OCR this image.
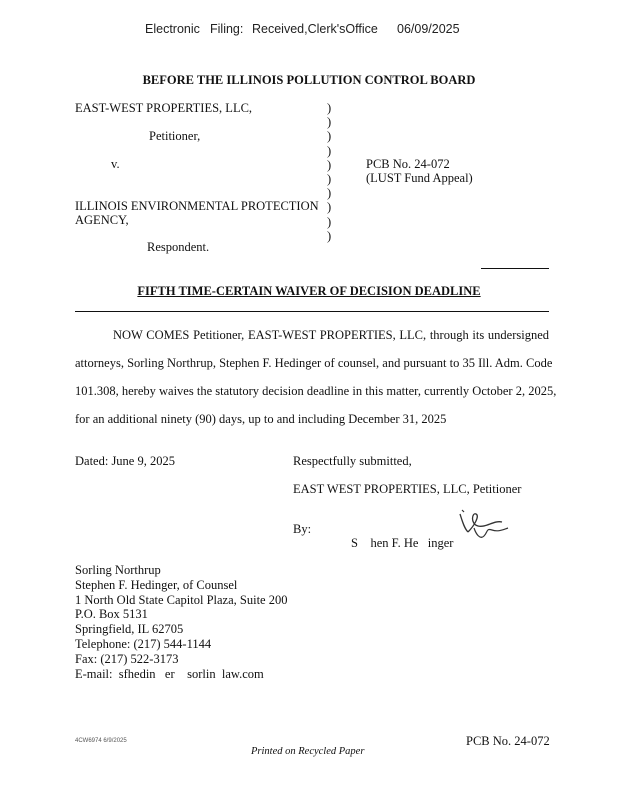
Electronic Filing: Received,Clerk'sOffice 06/09/2025
BEFORE THE ILLINOIS POLLUTION CONTROL BOARD
EAST-WEST PROPERTIES, LLC,
Petitioner,
v.
ILLINOIS ENVIRONMENTAL PROTECTION
AGENCY,
Respondent.
)
)
)
)
)
)
)
)
)
)
PCB No. 24-072
(LUST Fund Appeal)
FIFTH TIME-CERTAIN WAIVER OF DECISION DEADLINE
NOW COMES Petitioner, EAST-WEST PROPERTIES, LLC, through its undersigned
attorneys, Sorling Northrup, Stephen F. Hedinger of counsel, and pursuant to 35 Ill. Adm. Code
101.308, hereby waives the statutory decision deadline in this matter, currently October 2, 2025,
for an additional ninety (90) days, up to and including December 31, 2025
Dated: June 9, 2025	Respectfully submitted,
EAST WEST PROPERTIES, LLC, Petitioner
By:
S    hen F. He   inger
Sorling Northrup
Stephen F. Hedinger, of Counsel
1 North Old State Capitol Plaza, Suite 200
P.O. Box 5131
Springfield, IL 62705
Telephone: (217) 544-1144
Fax: (217) 522-3173
E-mail:  sfhedin   er    sorlin  law.com
4CW6974 6/9/2025
Printed on Recycled Paper
PCB No. 24-072
